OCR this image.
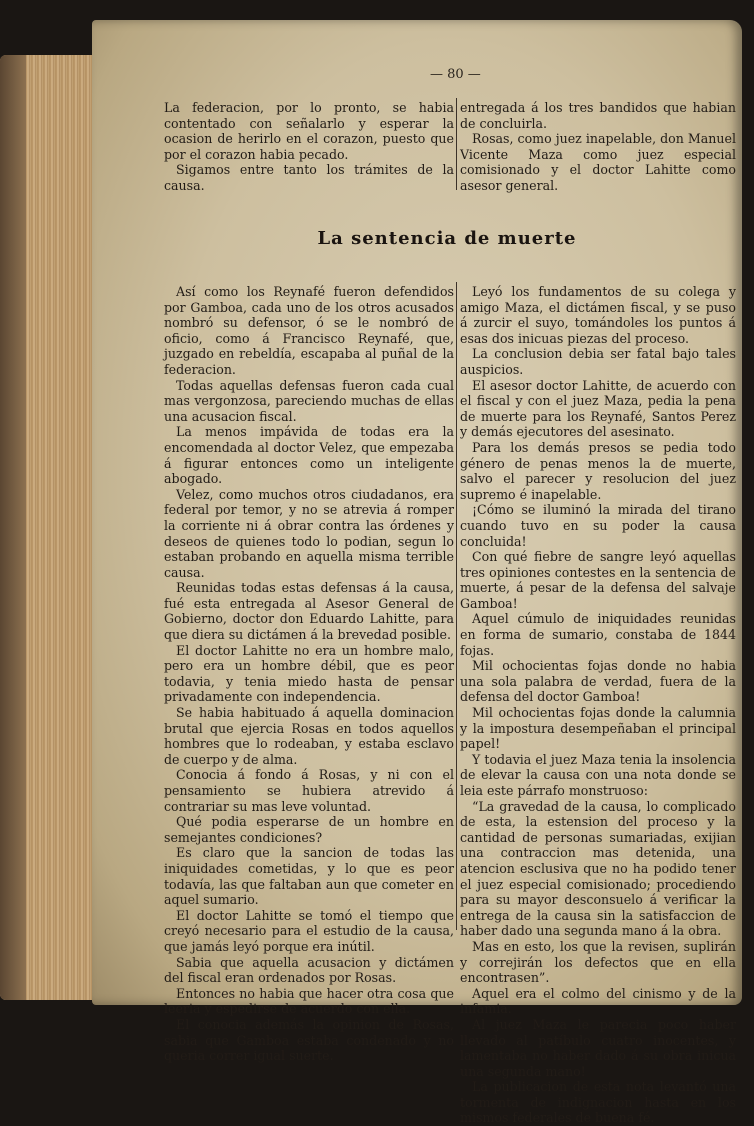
— 80 —

La federacion, por lo pronto, se habia contentado con señalarlo y esperar la ocasion de herirlo en el corazon, puesto que por el corazon habia pecado.

Sigamos entre tanto los trámites de la causa.

entregada á los tres bandidos que habian de concluirla.

Rosas, como juez inapelable, don Manuel Vicente Maza como juez especial comisionado y el doctor Lahitte como asesor general.

La sentencia de muerte

Así como los Reynafé fueron defendidos por Gamboa, cada uno de los otros acusados nombró su defensor, ó se le nombró de oficio, como á Francisco Reynafé, que, juzgado en rebeldía, escapaba al puñal de la federacion.

Todas aquellas defensas fueron cada cual mas vergonzosa, pareciendo muchas de ellas una acusacion fiscal.

La menos impávida de todas era la encomendada al doctor Velez, que empezaba á figurar entonces como un inteligente abogado.

Velez, como muchos otros ciudadanos, era federal por temor, y no se atrevia á romper la corriente ni á obrar contra las órdenes y deseos de quienes todo lo podian, segun lo estaban probando en aquella misma terrible causa.

Reunidas todas estas defensas á la causa, fué esta entregada al Asesor General de Gobierno, doctor don Eduardo Lahitte, para que diera su dictámen á la brevedad posible.

El doctor Lahitte no era un hombre malo, pero era un hombre débil, que es peor todavia, y tenia miedo hasta de pensar privadamente con independencia.

Se habia habituado á aquella dominacion brutal que ejercia Rosas en todos aquellos hombres que lo rodeaban, y estaba esclavo de cuerpo y de alma.

Conocia á fondo á Rosas, y ni con el pensamiento se hubiera atrevido á contrariar su mas leve voluntad.

Qué podia esperarse de un hombre en semejantes condiciones?

Es claro que la sancion de todas las iniquidades cometidas, y lo que es peor todavía, las que faltaban aun que cometer en aquel sumario.

El doctor Lahitte se tomó el tiempo que creyó necesario para el estudio de la causa, que jamás leyó porque era inútil.

Sabia que aquella acusacion y dictámen del fiscal eran ordenados por Rosas.

Entonces no habia que hacer otra cosa que leeria y espedirse de acuerdo con ella.

El conocia además la opinion de Rosas, sabia que Gamboa estaba condenado y no queria correr igual suerte.

Leyó los fundamentos de su colega y amigo Maza, el dictámen fiscal, y se puso á zurcir el suyo, tomándoles los puntos á esas dos inicuas piezas del proceso.

La conclusion debia ser fatal bajo tales auspicios.

El asesor doctor Lahitte, de acuerdo con el fiscal y con el juez Maza, pedia la pena de muerte para los Reynafé, Santos Perez y demás ejecutores del asesinato.

Para los demás presos se pedia todo género de penas menos la de muerte, salvo el parecer y resolucion del juez supremo é inapelable.

¡Cómo se iluminó la mirada del tirano cuando tuvo en su poder la causa concluida!

Con qué fiebre de sangre leyó aquellas tres opiniones contestes en la sentencia de muerte, á pesar de la defensa del salvaje Gamboa!

Aquel cúmulo de iniquidades reunidas en forma de sumario, constaba de 1844 fojas.

Mil ochocientas fojas donde no habia una sola palabra de verdad, fuera de la defensa del doctor Gamboa!

Mil ochocientas fojas donde la calumnia y la impostura desempeñaban el principal papel!

Y todavia el juez Maza tenia la insolencia de elevar la causa con una nota donde se leia este párrafo monstruoso:

“La gravedad de la causa, lo complicado de esta, la estension del proceso y la cantidad de personas sumariadas, exijian una contraccion mas detenida, una atencion esclusiva que no ha podido tener el juez especial comisionado; procediendo para su mayor desconsuelo á verificar la entrega de la causa sin la satisfaccion de haber dado una segunda mano á la obra.

Mas en esto, los que la revisen, suplirán y correjirán los defectos que en ella encontrasen”.

Aquel era el colmo del cinismo y de la infamia.

Al juez Maza le parecia poco haber llevado al patíbulo cuatro inocentes, y lamentaba no haber dado á su obra inicua una segunda mano!

La publicacion de esta nota levantó una tormenta de indignacion hasta en los mismos federales de buena fé.
